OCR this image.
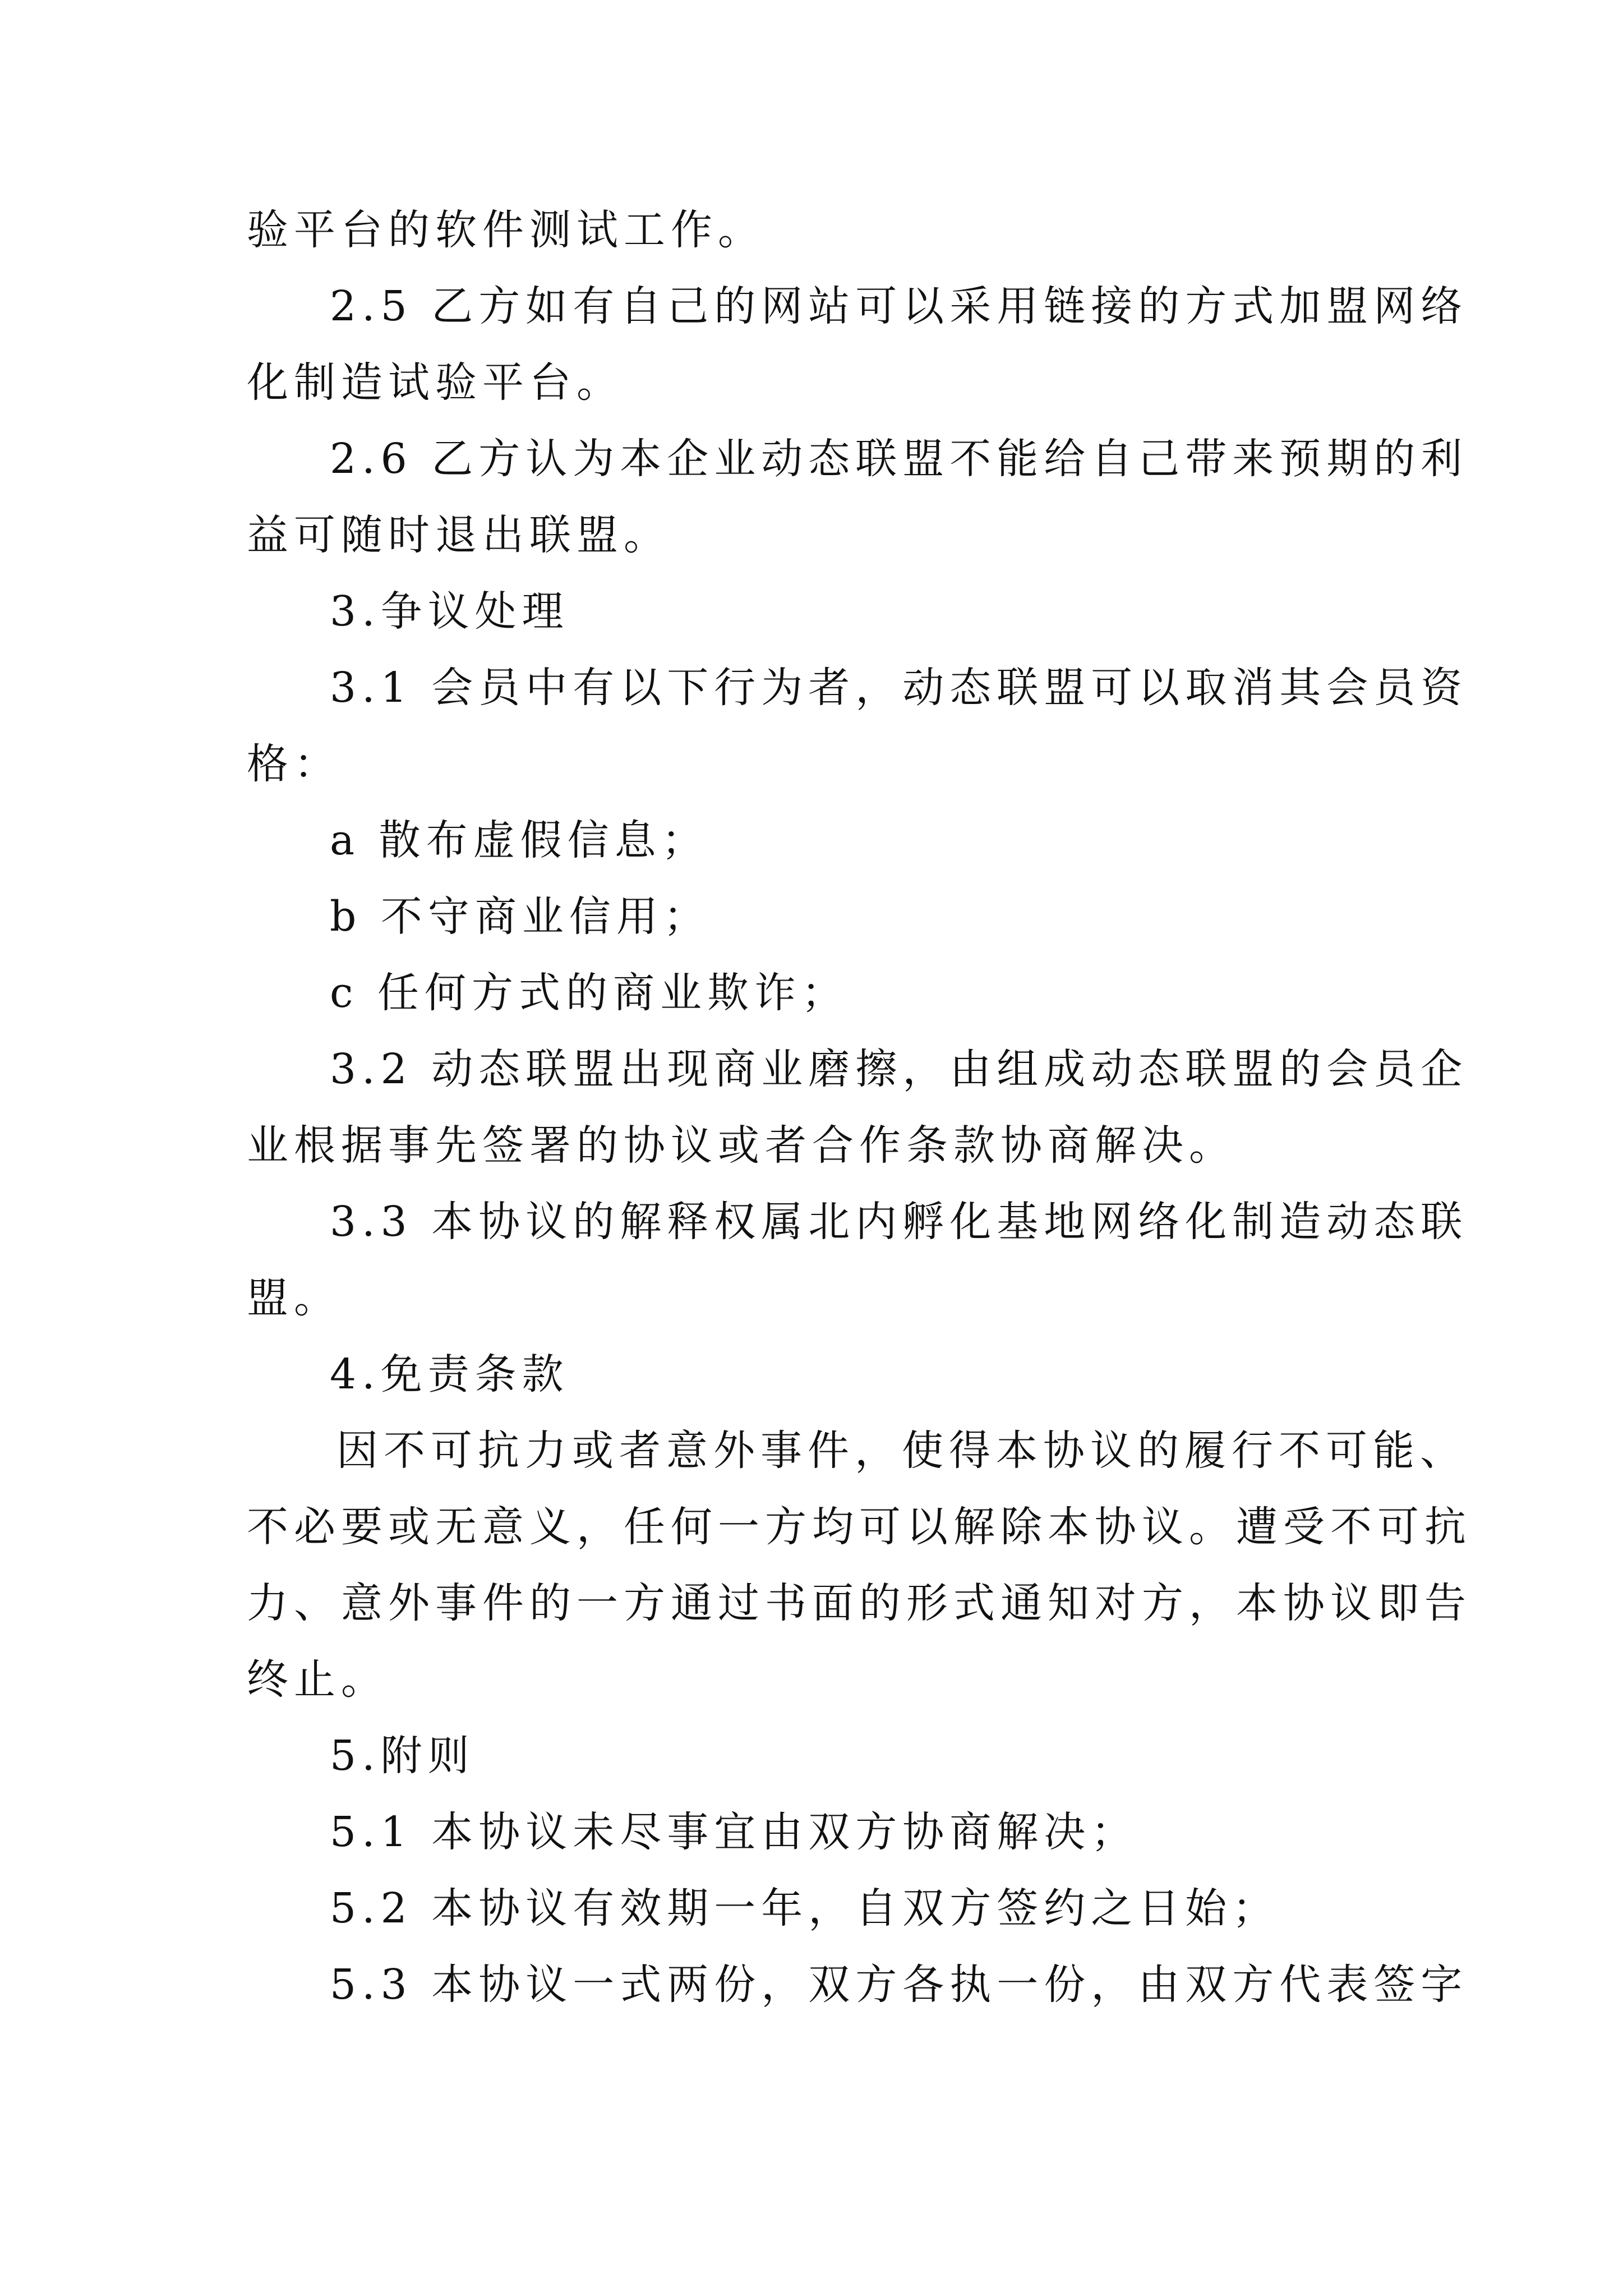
验平台的软件测试工作。
2.5 乙方如有自己的网站可以采用链接的方式加盟网络
化制造试验平台。
2.6 乙方认为本企业动态联盟不能给自己带来预期的利
益可随时退出联盟。
3.争议处理
3.1 会员中有以下行为者，动态联盟可以取消其会员资
格：
a 散布虚假信息；
b 不守商业信用；
c 任何方式的商业欺诈；
3.2 动态联盟出现商业磨擦，由组成动态联盟的会员企
业根据事先签署的协议或者合作条款协商解决。
3.3 本协议的解释权属北内孵化基地网络化制造动态联
盟。
4.免责条款
因不可抗力或者意外事件，使得本协议的履行不可能、
不必要或无意义，任何一方均可以解除本协议。遭受不可抗
力、意外事件的一方通过书面的形式通知对方，本协议即告
终止。
5.附则
5.1 本协议未尽事宜由双方协商解决；
5.2 本协议有效期一年，自双方签约之日始；
5.3 本协议一式两份，双方各执一份，由双方代表签字
